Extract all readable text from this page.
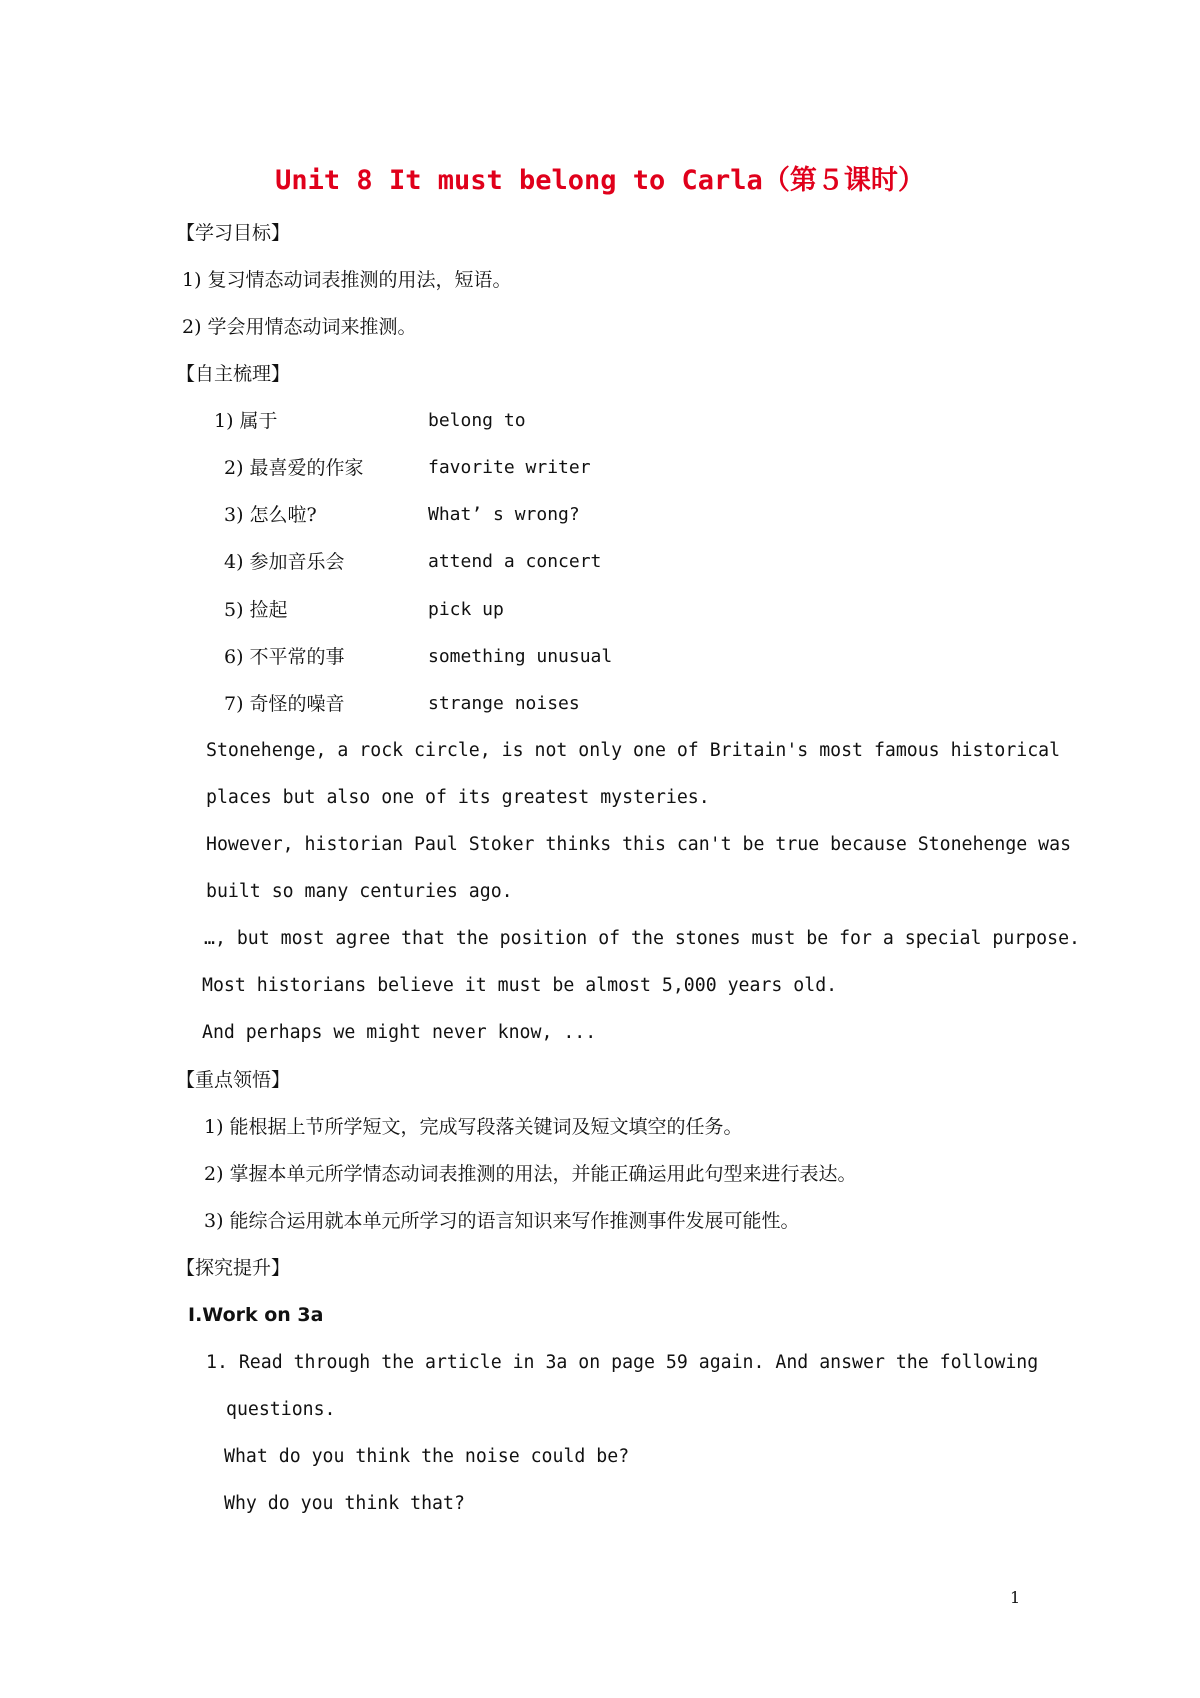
Unit 8 It must belong to Carla（第５课时）
【学习目标】
1) 复习情态动词表推测的用法，短语。
2) 学会用情态动词来推测。
【自主梳理】
1) 属于	belong to
2) 最喜爱的作家	favorite writer
3) 怎么啦?	What’ s wrong?
4) 参加音乐会	attend a concert
5) 捡起	pick up
6) 不平常的事	something unusual
7) 奇怪的噪音	strange noises
Stonehenge, a rock circle, is not only one of Britain's most famous historical
places but also one of its greatest mysteries.
However, historian Paul Stoker thinks this can't be true because Stonehenge was
built so many centuries ago.
…, but most agree that the position of the stones must be for a special purpose.
Most historians believe it must be almost 5,000 years old.
And perhaps we might never know, ...
【重点领悟】
1) 能根据上节所学短文，完成写段落关键词及短文填空的任务。
2) 掌握本单元所学情态动词表推测的用法，并能正确运用此句型来进行表达。
3) 能综合运用就本单元所学习的语言知识来写作推测事件发展可能性。
【探究提升】
Ⅰ.Work on 3a
1. Read through the article in 3a on page 59 again. And answer the following
questions.
What do you think the noise could be?
Why do you think that?
1
